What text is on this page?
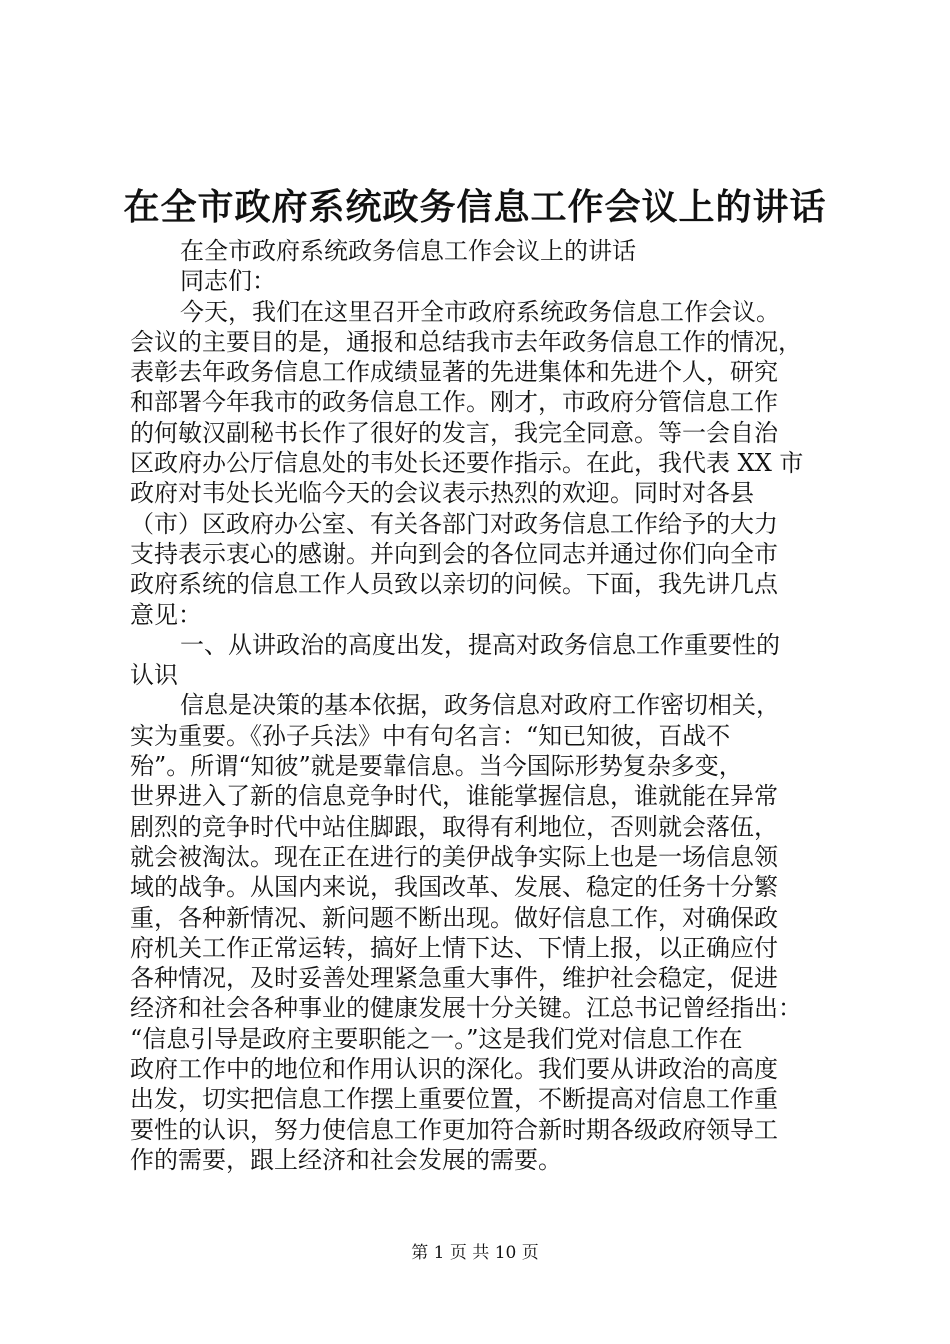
在全市政府系统政务信息工作会议上的讲话
在全市政府系统政务信息工作会议上的讲话
同志们：
今天，我们在这里召开全市政府系统政务信息工作会议。
会议的主要目的是，通报和总结我市去年政务信息工作的情况，
表彰去年政务信息工作成绩显著的先进集体和先进个人，研究
和部署今年我市的政务信息工作。刚才，市政府分管信息工作
的何敏汉副秘书长作了很好的发言，我完全同意。等一会自治
区政府办公厅信息处的韦处长还要作指示。在此，我代表 XX 市
政府对韦处长光临今天的会议表示热烈的欢迎。同时对各县
（市）区政府办公室、有关各部门对政务信息工作给予的大力
支持表示衷心的感谢。并向到会的各位同志并通过你们向全市
政府系统的信息工作人员致以亲切的问候。下面，我先讲几点
意见：
一、从讲政治的高度出发，提高对政务信息工作重要性的
认识
信息是决策的基本依据，政务信息对政府工作密切相关，
实为重要。《孙子兵法》中有句名言：“知已知彼，百战不
殆”。所谓“知彼”就是要靠信息。当今国际形势复杂多变，
世界进入了新的信息竞争时代，谁能掌握信息，谁就能在异常
剧烈的竞争时代中站住脚跟，取得有利地位，否则就会落伍，
就会被淘汰。现在正在进行的美伊战争实际上也是一场信息领
域的战争。从国内来说，我国改革、发展、稳定的任务十分繁
重，各种新情况、新问题不断出现。做好信息工作，对确保政
府机关工作正常运转，搞好上情下达、下情上报，以正确应付
各种情况，及时妥善处理紧急重大事件，维护社会稳定，促进
经济和社会各种事业的健康发展十分关键。江总书记曾经指出：
“信息引导是政府主要职能之一。”这是我们党对信息工作在
政府工作中的地位和作用认识的深化。我们要从讲政治的高度
出发，切实把信息工作摆上重要位置，不断提高对信息工作重
要性的认识，努力使信息工作更加符合新时期各级政府领导工
作的需要，跟上经济和社会发展的需要。
第 1 页 共 10 页
